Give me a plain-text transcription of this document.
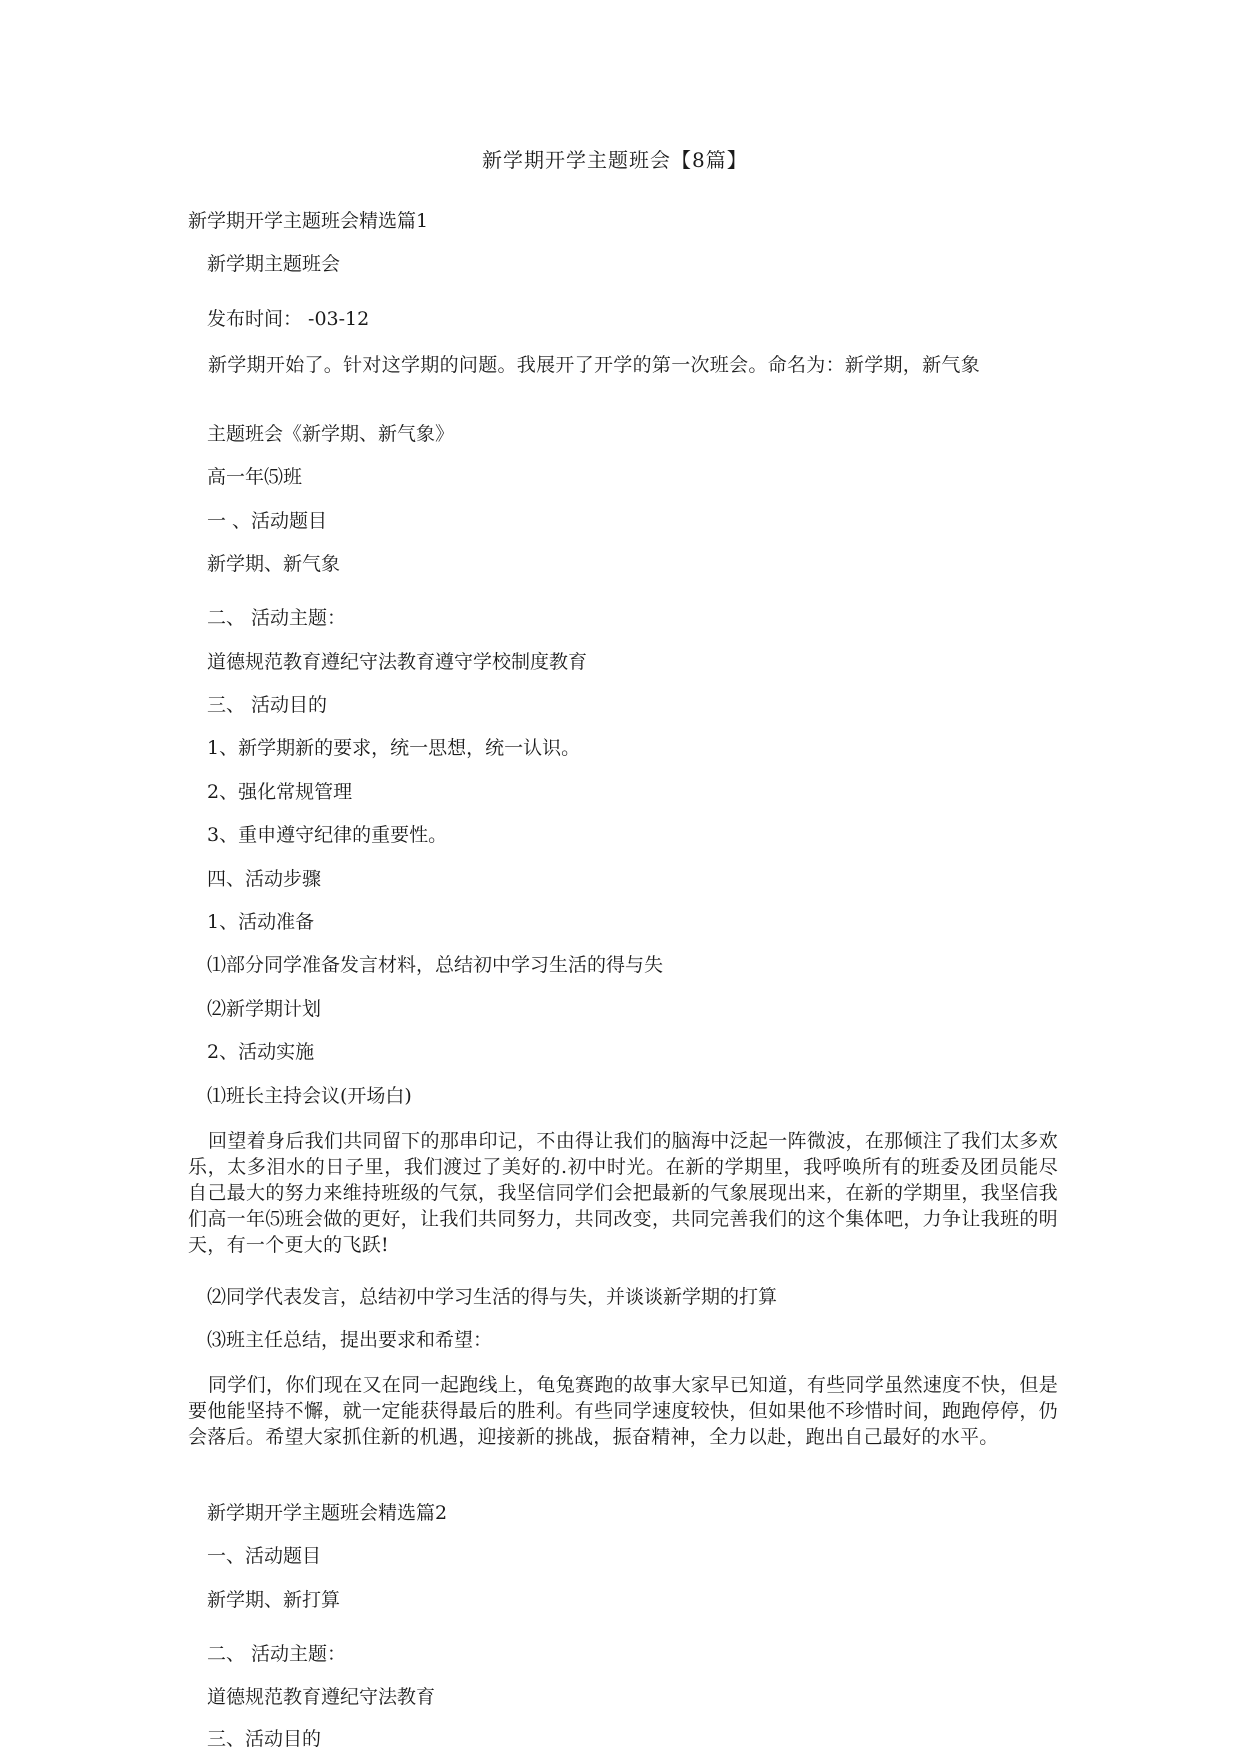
新学期开学主题班会【8篇】

新学期开学主题班会精选篇1

新学期主题班会

发布时间： -03-12

新学期开始了。针对这学期的问题。我展开了开学的第一次班会。命名为：新学期，新气象

主题班会《新学期、新气象》

高一年⑸班

一 、活动题目

新学期、新气象

二、 活动主题：

道德规范教育遵纪守法教育遵守学校制度教育

三、 活动目的

1、新学期新的要求，统一思想，统一认识。

2、强化常规管理

3、重申遵守纪律的重要性。

四、活动步骤

1、活动准备

⑴部分同学准备发言材料，总结初中学习生活的得与失

⑵新学期计划

2、活动实施

⑴班长主持会议(开场白)

回望着身后我们共同留下的那串印记，不由得让我们的脑海中泛起一阵微波，在那倾注了我们太多欢乐，太多泪水的日子里，我们渡过了美好的.初中时光。在新的学期里，我呼唤所有的班委及团员能尽自己最大的努力来维持班级的气氛，我坚信同学们会把最新的气象展现出来，在新的学期里，我坚信我们高一年⑸班会做的更好，让我们共同努力，共同改变，共同完善我们的这个集体吧，力争让我班的明天，有一个更大的飞跃!

⑵同学代表发言，总结初中学习生活的得与失，并谈谈新学期的打算

⑶班主任总结，提出要求和希望：

同学们，你们现在又在同一起跑线上，龟兔赛跑的故事大家早已知道，有些同学虽然速度不快，但是要他能坚持不懈，就一定能获得最后的胜利。有些同学速度较快，但如果他不珍惜时间，跑跑停停，仍会落后。希望大家抓住新的机遇，迎接新的挑战，振奋精神，全力以赴，跑出自己最好的水平。

新学期开学主题班会精选篇2

一、活动题目

新学期、新打算

二、 活动主题：

道德规范教育遵纪守法教育

三、活动目的
